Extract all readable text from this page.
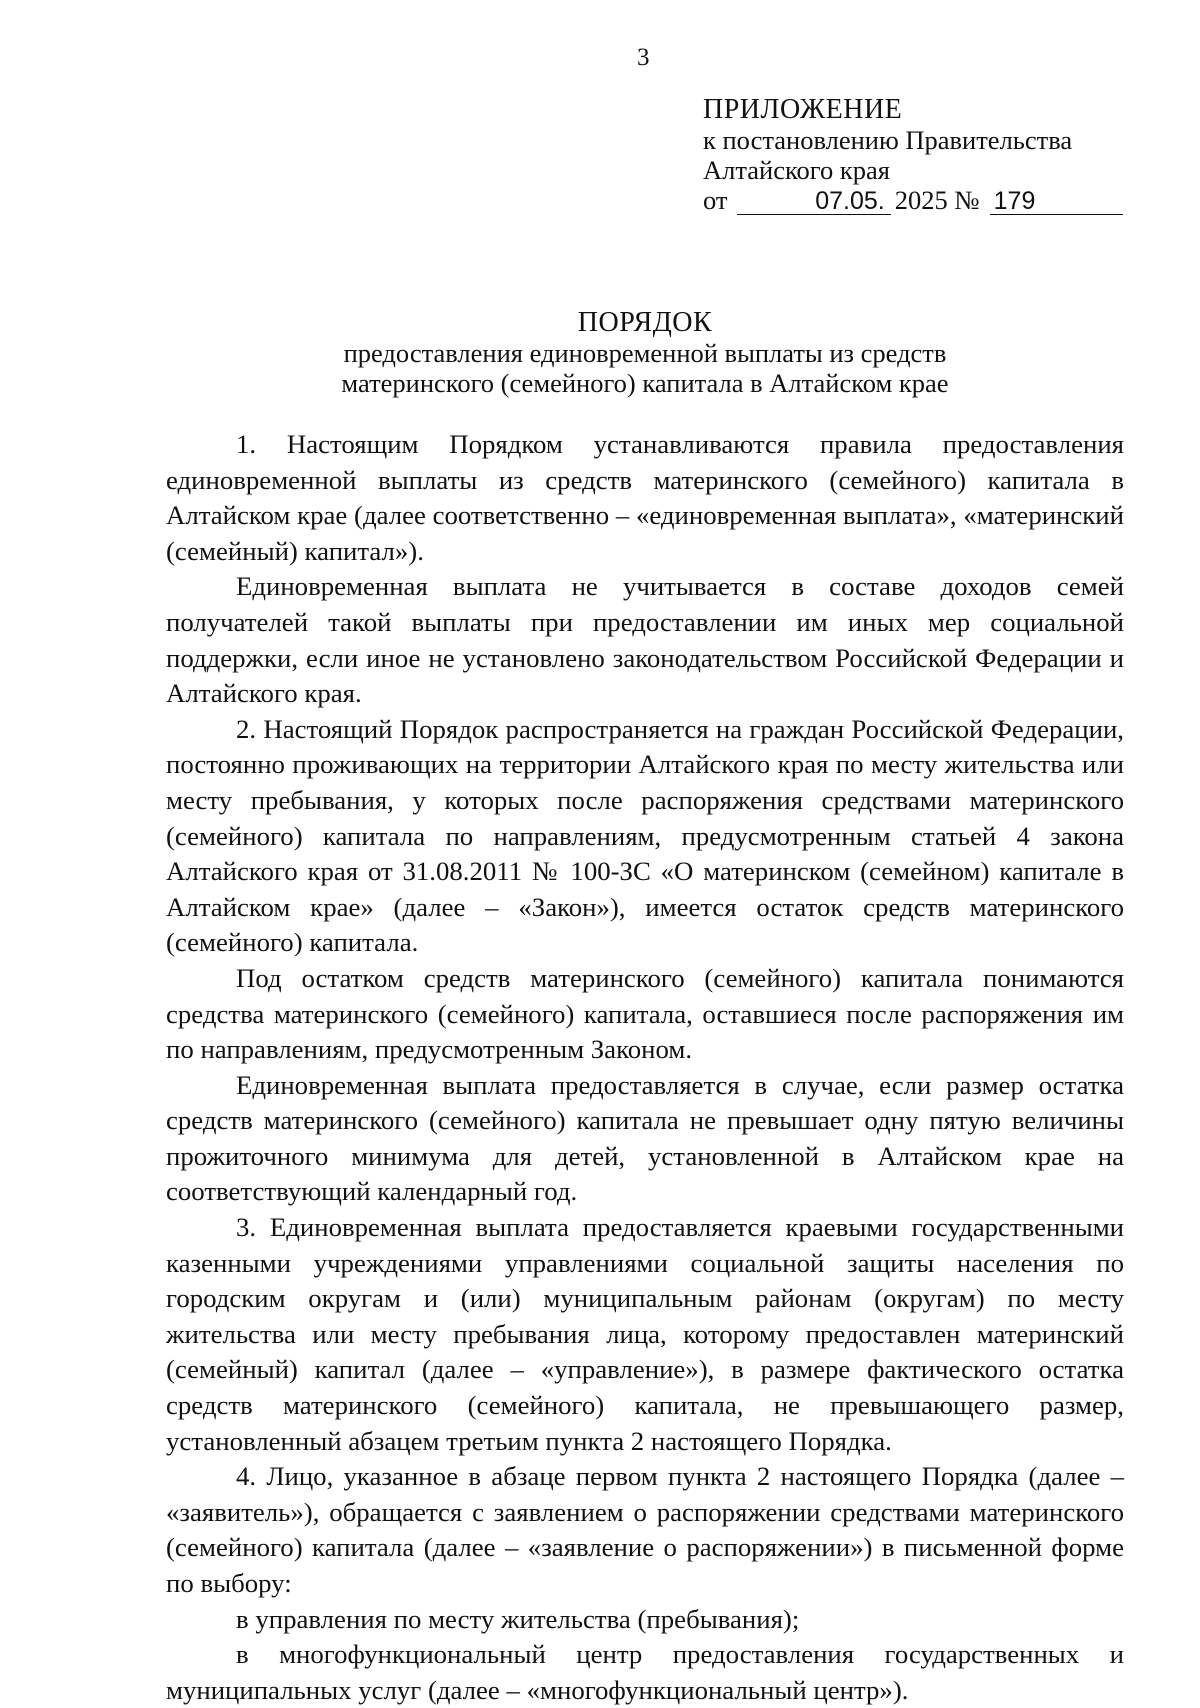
3
ПРИЛОЖЕНИЕ
к постановлению Правительства
Алтайского края
от	07.05. 2025 № 179
ПОРЯДОК
предоставления единовременной выплаты из средств
материнского (семейного) капитала в Алтайском крае

1. Настоящим Порядком устанавливаются правила предоставления единовременной выплаты из средств материнского (семейного) капитала в Алтайском крае (далее соответственно – «единовременная выплата», «материнский (семейный) капитал»).

Единовременная выплата не учитывается в составе доходов семей получателей такой выплаты при предоставлении им иных мер социальной поддержки, если иное не установлено законодательством Российской Федерации и Алтайского края.

2. Настоящий Порядок распространяется на граждан Российской Федерации, постоянно проживающих на территории Алтайского края по месту жительства или месту пребывания, у которых после распоряжения средствами материнского (семейного) капитала по направлениям, предусмотренным статьей 4 закона Алтайского края от 31.08.2011 № 100-ЗС «О материнском (семейном) капитале в Алтайском крае» (далее – «Закон»), имеется остаток средств материнского (семейного) капитала.

Под остатком средств материнского (семейного) капитала понимаются средства материнского (семейного) капитала, оставшиеся после распоряжения им по направлениям, предусмотренным Законом.

Единовременная выплата предоставляется в случае, если размер остатка средств материнского (семейного) капитала не превышает одну пятую величины прожиточного минимума для детей, установленной в Алтайском крае на соответствующий календарный год.

3. Единовременная выплата предоставляется краевыми государственными казенными учреждениями управлениями социальной защиты населения по городским округам и (или) муниципальным районам (округам) по месту жительства или месту пребывания лица, которому предоставлен материнский (семейный) капитал (далее – «управление»), в размере фактического остатка средств материнского (семейного) капитала, не превышающего размер, установленный абзацем третьим пункта 2 настоящего Порядка.

4. Лицо, указанное в абзаце первом пункта 2 настоящего Порядка (далее – «заявитель»), обращается с заявлением о распоряжении средствами материнского (семейного) капитала (далее – «заявление о распоряжении») в письменной форме по выбору:

в управления по месту жительства (пребывания);

в многофункциональный центр предоставления государственных и муниципальных услуг (далее – «многофункциональный центр»).
